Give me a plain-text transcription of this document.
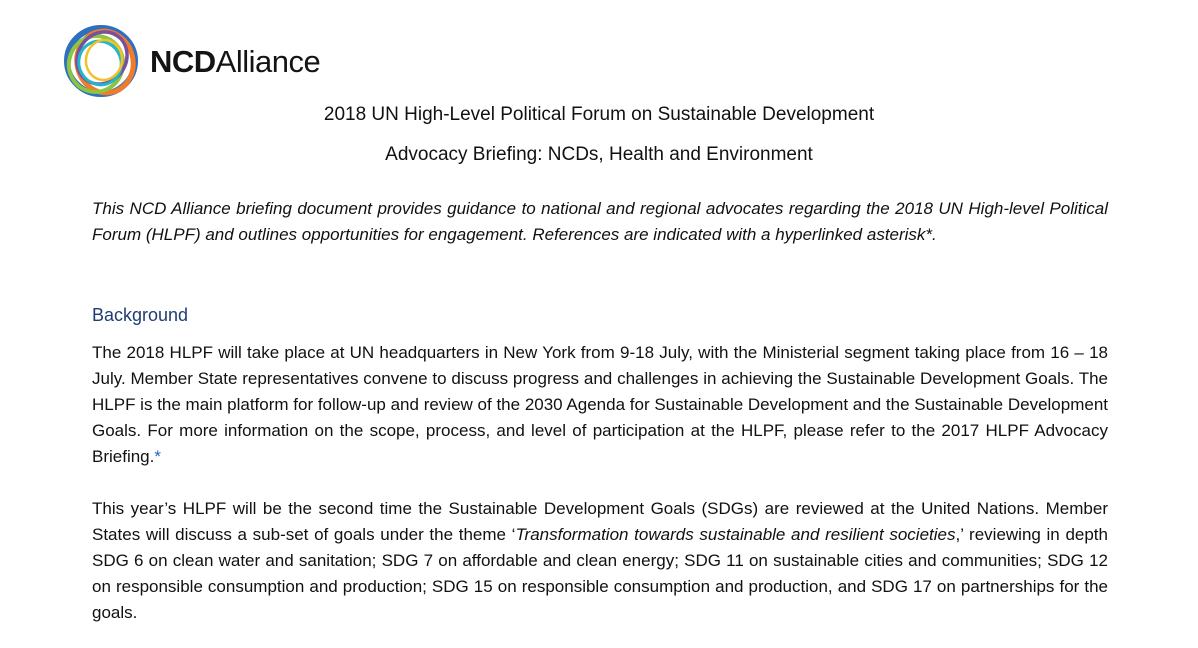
NCDAlliance
2018 UN High-Level Political Forum on Sustainable Development
Advocacy Briefing: NCDs, Health and Environment
This NCD Alliance briefing document provides guidance to national and regional advocates regarding the 2018 UN High-level Political Forum (HLPF) and outlines opportunities for engagement. References are indicated with a hyperlinked asterisk*.
Background
The 2018 HLPF will take place at UN headquarters in New York from 9-18 July, with the Ministerial segment taking place from 16 – 18 July. Member State representatives convene to discuss progress and challenges in achieving the Sustainable Development Goals. The HLPF is the main platform for follow-up and review of the 2030 Agenda for Sustainable Development and the Sustainable Development Goals. For more information on the scope, process, and level of participation at the HLPF, please refer to the 2017 HLPF Advocacy Briefing.*
This year’s HLPF will be the second time the Sustainable Development Goals (SDGs) are reviewed at the United Nations. Member States will discuss a sub-set of goals under the theme ‘Transformation towards sustainable and resilient societies,’ reviewing in depth SDG 6 on clean water and sanitation; SDG 7 on affordable and clean energy; SDG 11 on sustainable cities and communities; SDG 12 on responsible consumption and production; SDG 15 on responsible consumption and production, and SDG 17 on partnerships for the goals.
